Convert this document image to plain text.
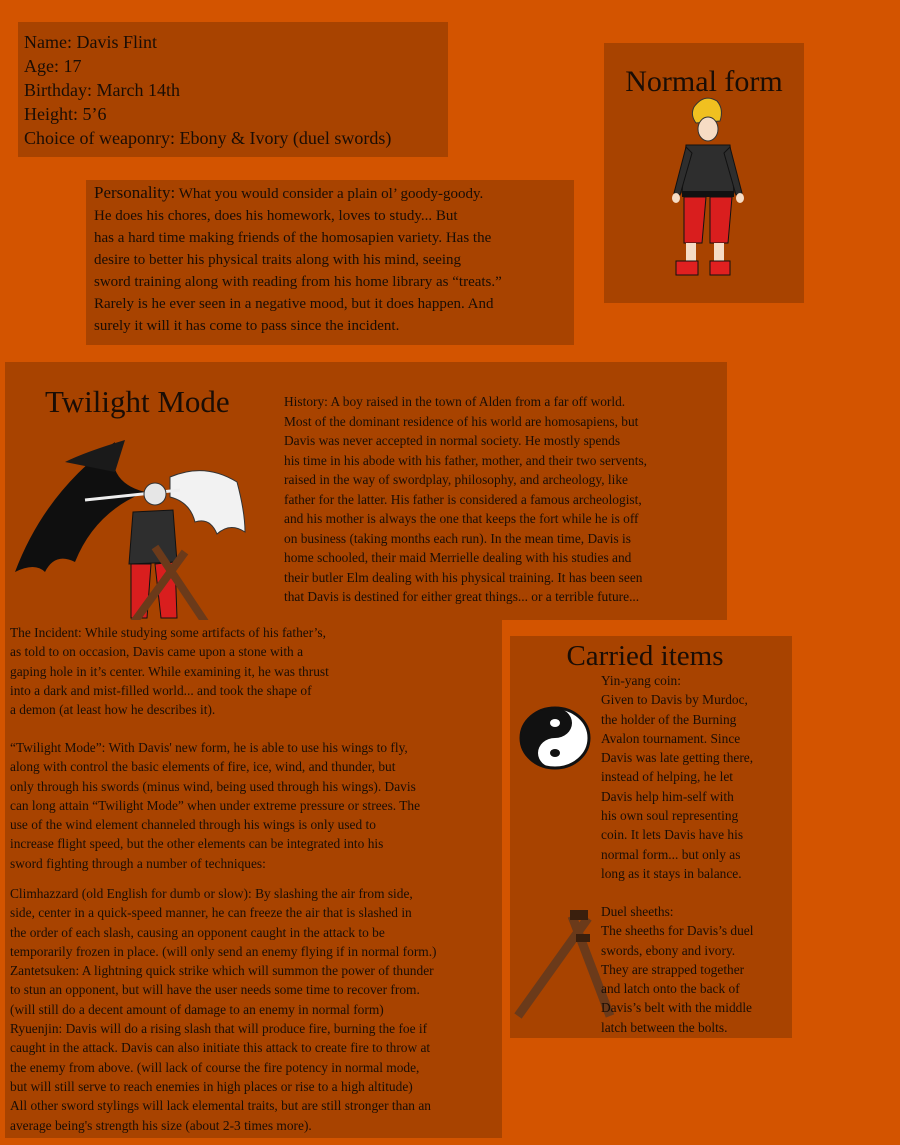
Name: Davis Flint
Age: 17
Birthday: March 14th
Height: 5’6
Choice of weaponry: Ebony & Ivory (duel swords)
Personality: What you would consider a plain ol’ goody-goody.
He does his chores, does his homework, loves to study... But
has a hard time making friends of the homosapien variety. Has the
desire to better his physical traits along with his mind, seeing
sword training along with reading from his home library as “treats.”
Rarely is he ever seen in a negative mood, but it does happen. And
surely it will it has come to pass since the incident.
Normal form
Twilight Mode	History: A boy raised in the town of Alden from a far off world.
Most of the dominant residence of his world are homosapiens, but
Davis was never accepted in normal society. He mostly spends
his time in his abode with his father, mother, and their two servents,
raised in the way of swordplay, philosophy, and archeology, like
father for the latter. His father is considered a famous archeologist,
and his mother is always the one that keeps the fort while he is off
on business (taking months each run). In the mean time, Davis is
home schooled, their maid Merrielle dealing with his studies and
their butler Elm dealing with his physical training. It has been seen
that Davis is destined for either great things... or a terrible future...
The Incident: While studying some artifacts of his father’s,
as told to on occasion, Davis came upon a stone with a
gaping hole in it’s center. While examining it, he was thrust
into a dark and mist-filled world... and took the shape of
a demon (at least how he describes it).
“Twilight Mode”: With Davis' new form, he is able to use his wings to fly,
along with control the basic elements of fire, ice, wind, and thunder, but
only through his swords (minus wind, being used through his wings). Davis
can long attain “Twilight Mode” when under extreme pressure or strees. The
use of the wind element channeled through his wings is only used to
increase flight speed, but the other elements can be integrated into his
sword fighting through a number of techniques:
Climhazzard (old English for dumb or slow): By slashing the air from side,
side, center in a quick-speed manner, he can freeze the air that is slashed in
the order of each slash, causing an opponent caught in the attack to be
temporarily frozen in place. (will only send an enemy flying if in normal form.)
Zantetsuken: A lightning quick strike which will summon the power of thunder
to stun an opponent, but will have the user needs some time to recover from.
(will still do a decent amount of damage to an enemy in normal form)
Ryuenjin: Davis will do a rising slash that will produce fire, burning the foe if
caught in the attack. Davis can also initiate this attack to create fire to throw at
the enemy from above. (will lack of course the fire potency in normal mode,
but will still serve to reach enemies in high places or rise to a high altitude)
All other sword stylings will lack elemental traits, but are still stronger than an
average being's strength his size (about 2-3 times more).
Carried items
Yin-yang coin:
Given to Davis by Murdoc,
the holder of the Burning
Avalon tournament. Since
Davis was late getting there,
instead of helping, he let
Davis help him-self with
his own soul representing
coin. It lets Davis have his
normal form... but only as
long as it stays in balance.
Duel sheeths:
The sheeths for Davis’s duel
swords, ebony and ivory.
They are strapped together
and latch onto the back of
Davis’s belt with the middle
latch between the bolts.
